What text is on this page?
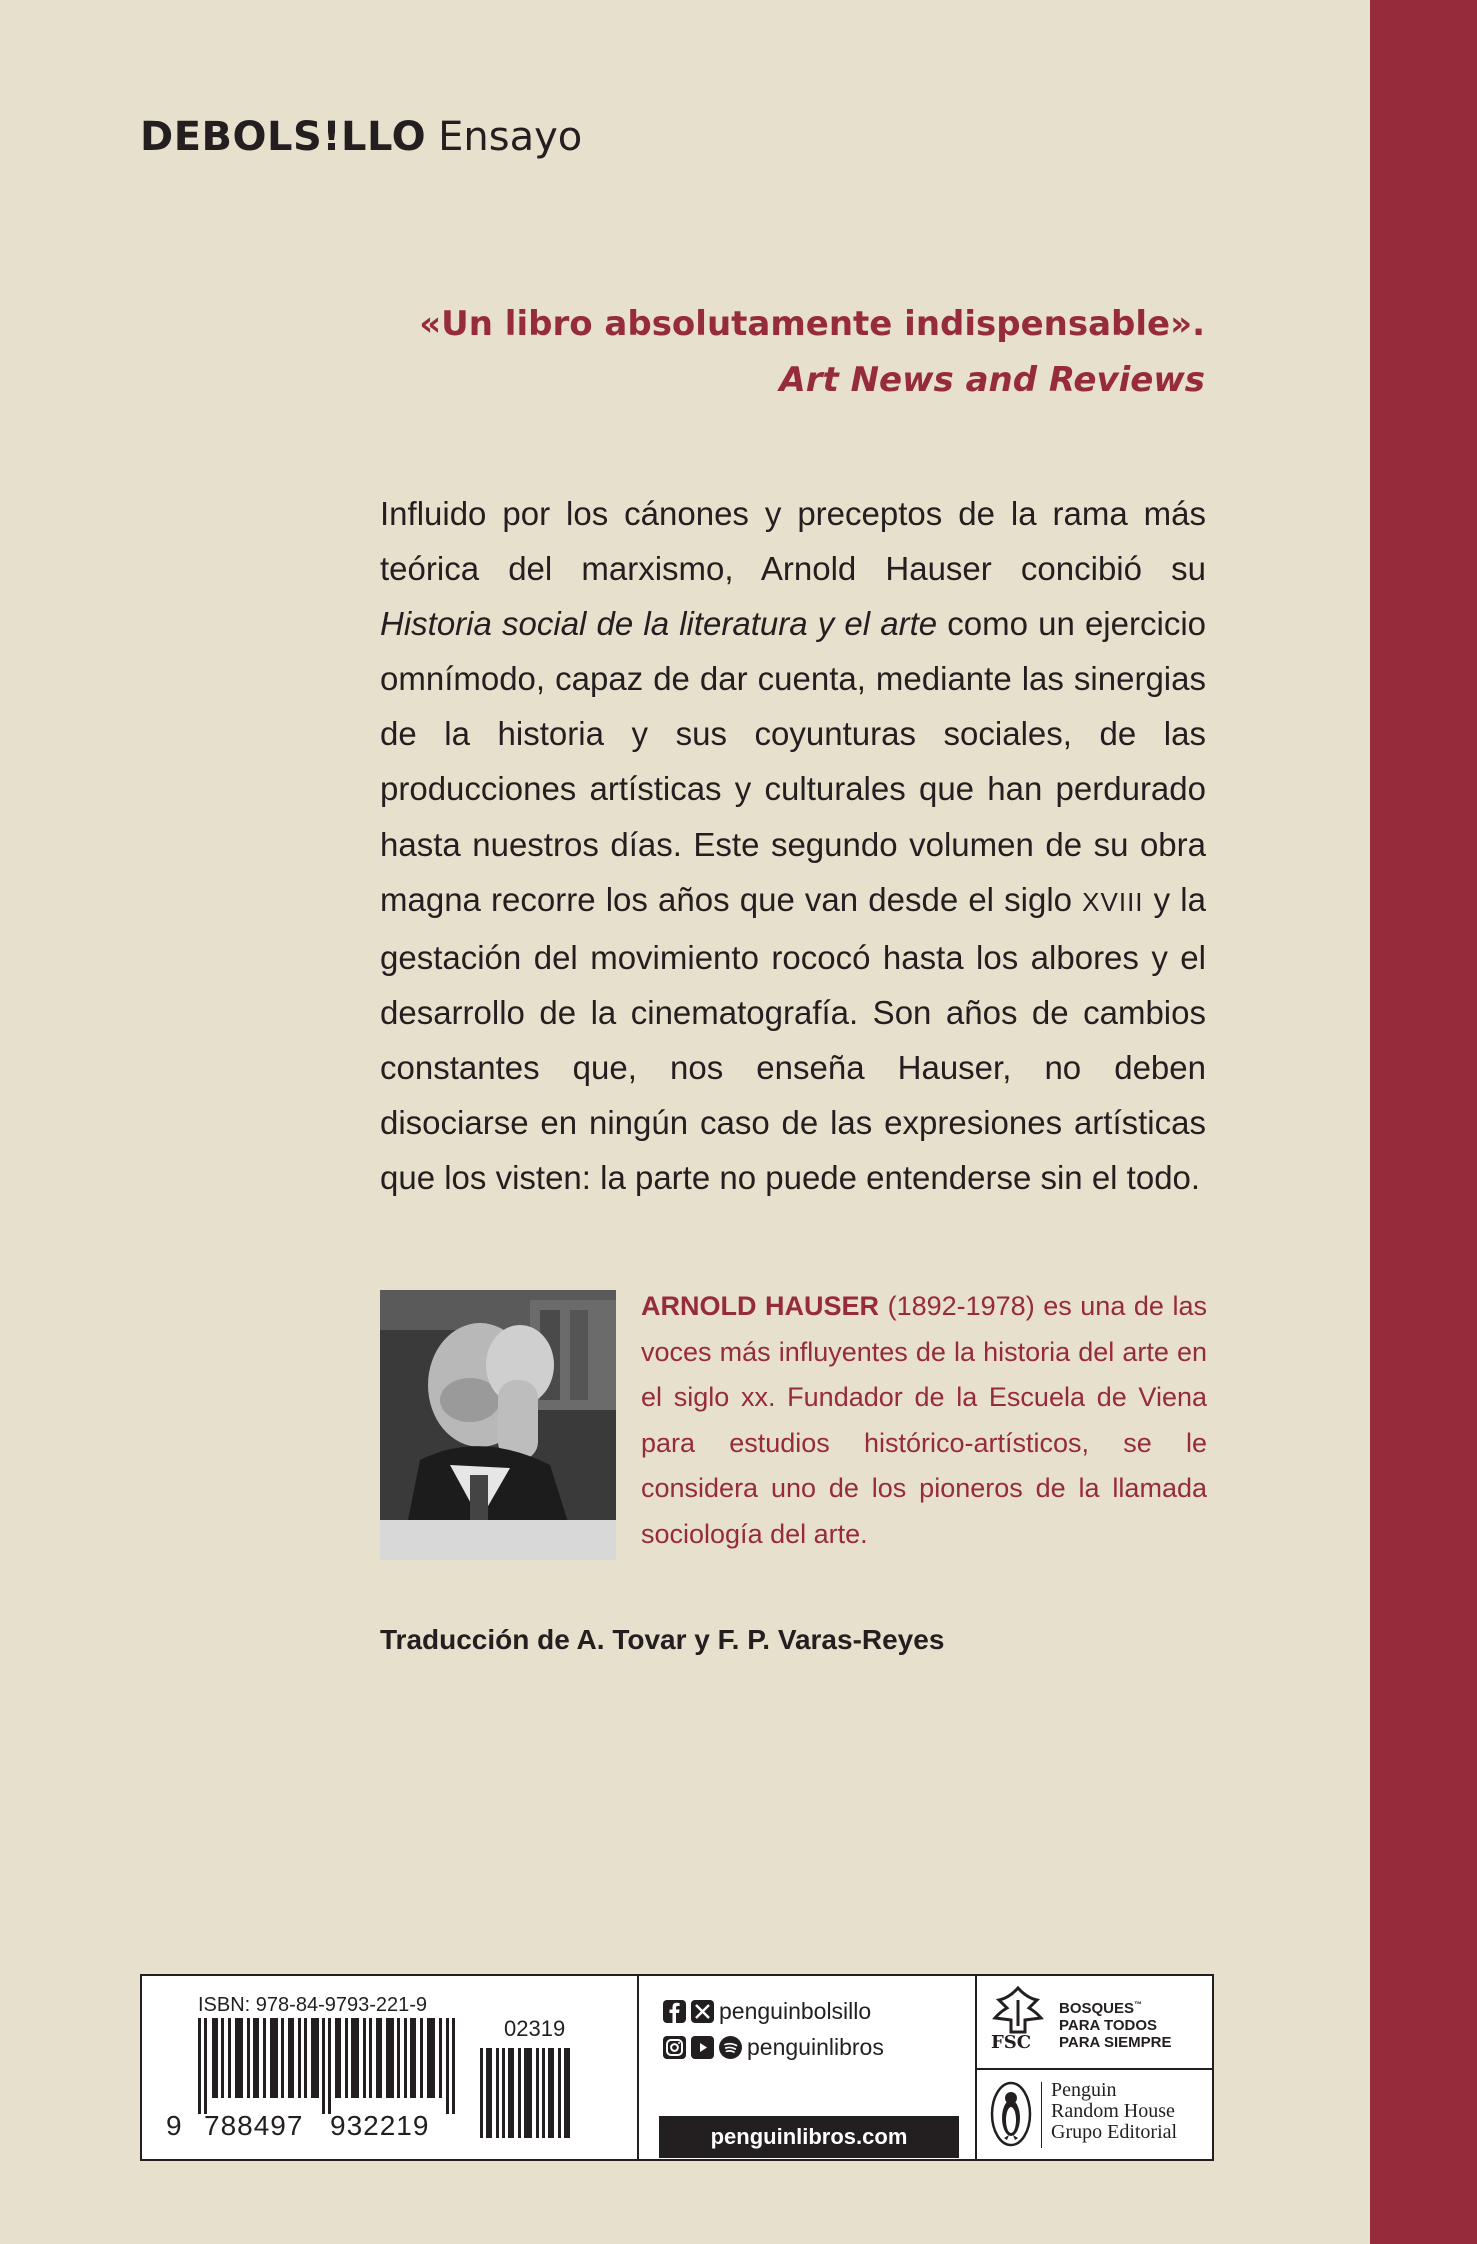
DEBOLS!LLO Ensayo
«Un libro absolutamente indispensable».
Art News and Reviews
Influido por los cánones y preceptos de la rama más teórica del marxismo, Arnold Hauser concibió su Historia social de la literatura y el arte como un ejercicio omnímodo, capaz de dar cuenta, mediante las sinergias de la historia y sus coyunturas sociales, de las producciones artísticas y culturales que han perdurado hasta nuestros días. Este segundo volumen de su obra magna recorre los años que van desde el siglo XVIII y la gestación del movimiento rococó hasta los albores y el desarrollo de la cinematografía. Son años de cambios constantes que, nos enseña Hauser, no deben disociarse en ningún caso de las expresiones artísticas que los visten: la parte no puede entenderse sin el todo.
ARNOLD HAUSER (1892-1978) es una de las voces más influyentes de la historia del arte en el siglo xx. Fundador de la Escuela de Viena para estudios histórico-artísticos, se le considera uno de los pioneros de la llamada sociología del arte.
Traducción de A. Tovar y F. P. Varas-Reyes
ISBN: 978-84-9793-221-9
02319
9 788497 932219
penguinbolsillo
penguinlibros
penguinlibros.com
FSC
BOSQUES™
PARA TODOS
PARA SIEMPRE
Penguin
Random House
Grupo Editorial
